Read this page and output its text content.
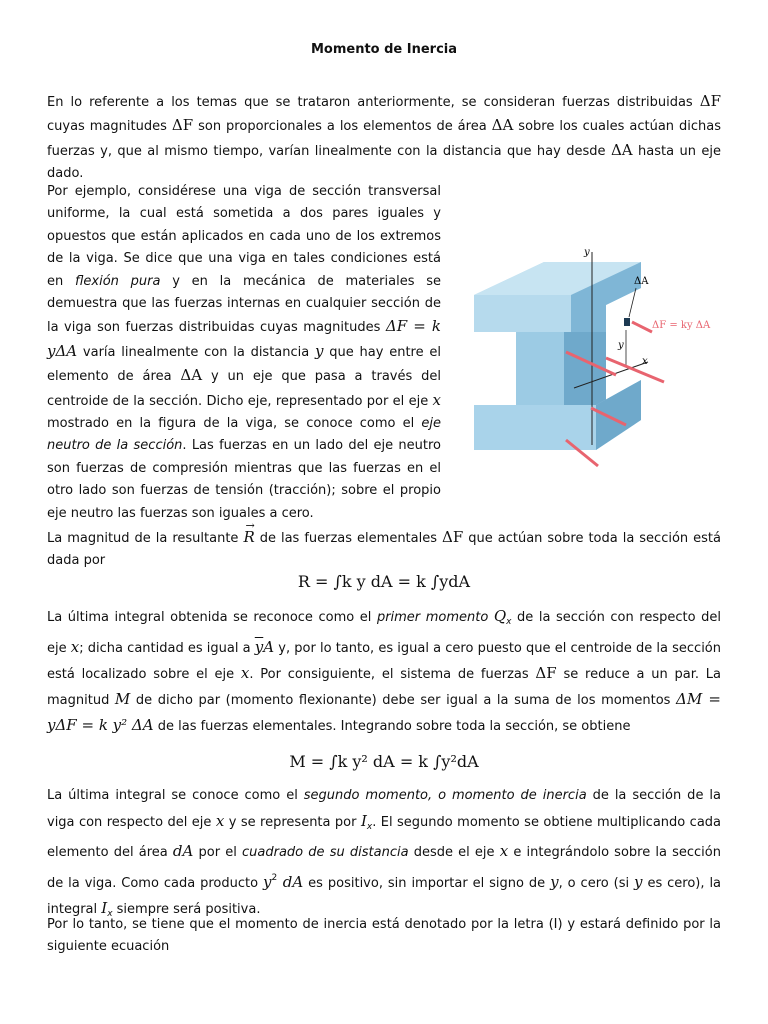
Momento de Inercia
En lo referente a los temas que se trataron anteriormente, se consideran fuerzas distribuidas ΔF cuyas magnitudes ΔF son proporcionales a los elementos de área ΔA sobre los cuales actúan dichas fuerzas y, que al mismo tiempo, varían linealmente con la distancia que hay desde ΔA hasta un eje dado.
Por ejemplo, considérese una viga de sección transversal uniforme, la cual está sometida a dos pares iguales y opuestos que están aplicados en cada uno de los extremos de la viga. Se dice que una viga en tales condiciones está en flexión pura y en la mecánica de materiales se demuestra que las fuerzas internas en cualquier sección de la viga son fuerzas distribuidas cuyas magnitudes ΔF = k yΔA varía linealmente con la distancia y que hay entre el elemento de área ΔA y un eje que pasa a través del centroide de la sección. Dicho eje, representado por el eje x mostrado en la figura de la viga, se conoce como el eje neutro de la sección. Las fuerzas en un lado del eje neutro son fuerzas de compresión mientras que las fuerzas en el otro lado son fuerzas de tensión (tracción); sobre el propio eje neutro las fuerzas son iguales a cero.
y
x
ΔA
y
ΔF = ky ΔA
La magnitud de la resultante → R de las fuerzas elementales ΔF que actúan sobre toda la sección está dada por
R = ∫k y dA = k ∫ydA
La última integral obtenida se reconoce como el primer momento $Q_x$ de la sección con respecto del eje x; dicha cantidad es igual a $\overline{y}A$ y, por lo tanto, es igual a cero puesto que el centroide de la sección está localizado sobre el eje x. Por consiguiente, el sistema de fuerzas ΔF se reduce a un par. La magnitud M de dicho par (momento flexionante) debe ser igual a la suma de los momentos ΔM = yΔF = k y² ΔA de las fuerzas elementales. Integrando sobre toda la sección, se obtiene
M = ∫k y² dA = k ∫y²dA
La última integral se conoce como el segundo momento, o momento de inercia de la sección de la viga con respecto del eje x y se representa por $I_x$. El segundo momento se obtiene multiplicando cada elemento del área dA por el cuadrado de su distancia desde el eje x e integrándolo sobre la sección de la viga. Como cada producto $y^2$ dA es positivo, sin importar el signo de y, o cero (si y es cero), la integral $I_x$ siempre será positiva.
Por lo tanto, se tiene que el momento de inercia está denotado por la letra (I) y estará definido por la siguiente ecuación
